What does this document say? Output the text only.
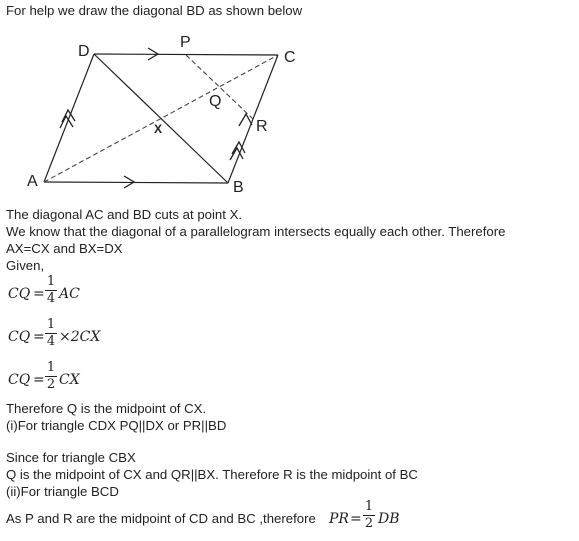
For help we draw the diagonal BD as shown below
D
P
C
Q
R
X
A	B
The diagonal AC and BD cuts at point X.
We know that the diagonal of a parallelogram intersects equally each other. Therefore
AX=CX and BX=DX
Given,
CQ =
1
4 AC
CQ =
1
4 ×2CX
CQ =
1
2 CX
Therefore Q is the midpoint of CX.
(i)For triangle CDX PQ||DX or PR||BD
Since for triangle CBX
Q is the midpoint of CX and QR||BX. Therefore R is the midpoint of BC
(ii)For triangle BCD
As P and R are the midpoint of CD and BC ,therefore PR =
1
2 DB
